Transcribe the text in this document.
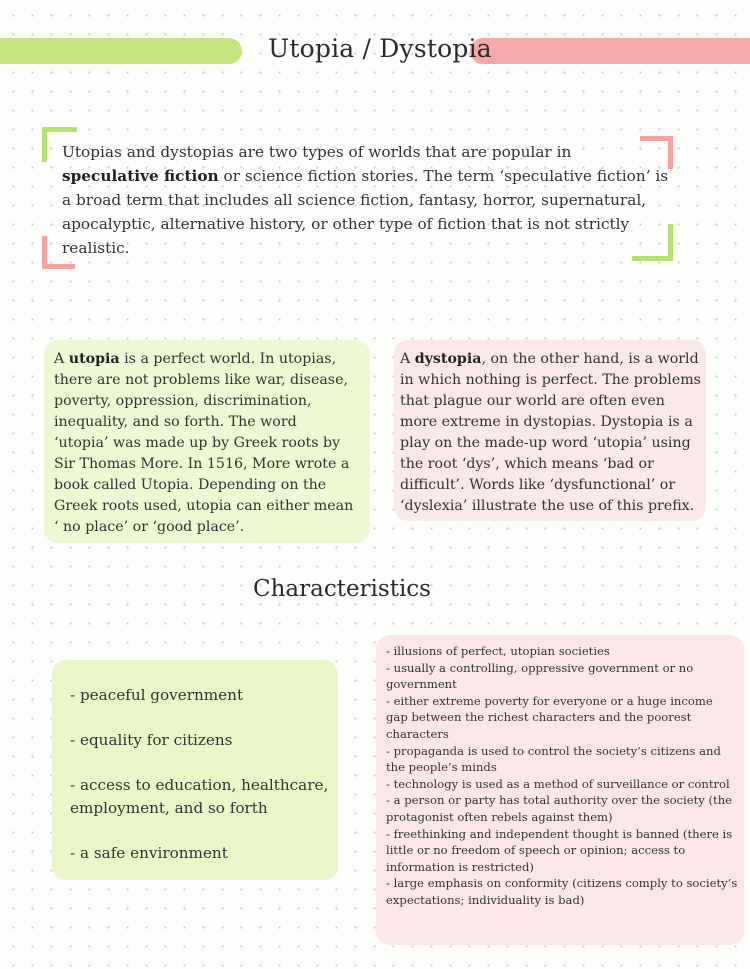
Utopia / Dystopia
Utopias and dystopias are two types of worlds that are popular in speculative fiction or science fiction stories. The term ‘speculative fiction’ is a broad term that includes all science fiction, fantasy, horror, supernatural, apocalyptic, alternative history, or other type of fiction that is not strictly realistic.
A utopia is a perfect world. In utopias, there are not problems like war, disease, poverty, oppression, discrimination, inequality, and so forth. The word ‘utopia’ was made up by Greek roots by Sir Thomas More. In 1516, More wrote a book called Utopia. Depending on the Greek roots used, utopia can either mean ‘ no place’ or ‘good place’.
A dystopia, on the other hand, is a world in which nothing is perfect. The problems that plague our world are often even more extreme in dystopias. Dystopia is a play on the made-up word ‘utopia’ using the root ‘dys’, which means ‘bad or difficult’. Words like ‘dysfunctional’ or ‘dyslexia’ illustrate the use of this prefix.
Characteristics
- peaceful government
- equality for citizens
- access to education, healthcare, employment, and so forth
- a safe environment
- illusions of perfect, utopian societies
- usually a controlling, oppressive government or no government
- either extreme poverty for everyone or a huge income gap between the richest characters and the poorest characters
- propaganda is used to control the society’s citizens and the people’s minds
- technology is used as a method of surveillance or control
- a person or party has total authority over the society (the protagonist often rebels against them)
- freethinking and independent thought is banned (there is little or no freedom of speech or opinion; access to information is restricted)
- large emphasis on conformity (citizens comply to society’s expectations; individuality is bad)
